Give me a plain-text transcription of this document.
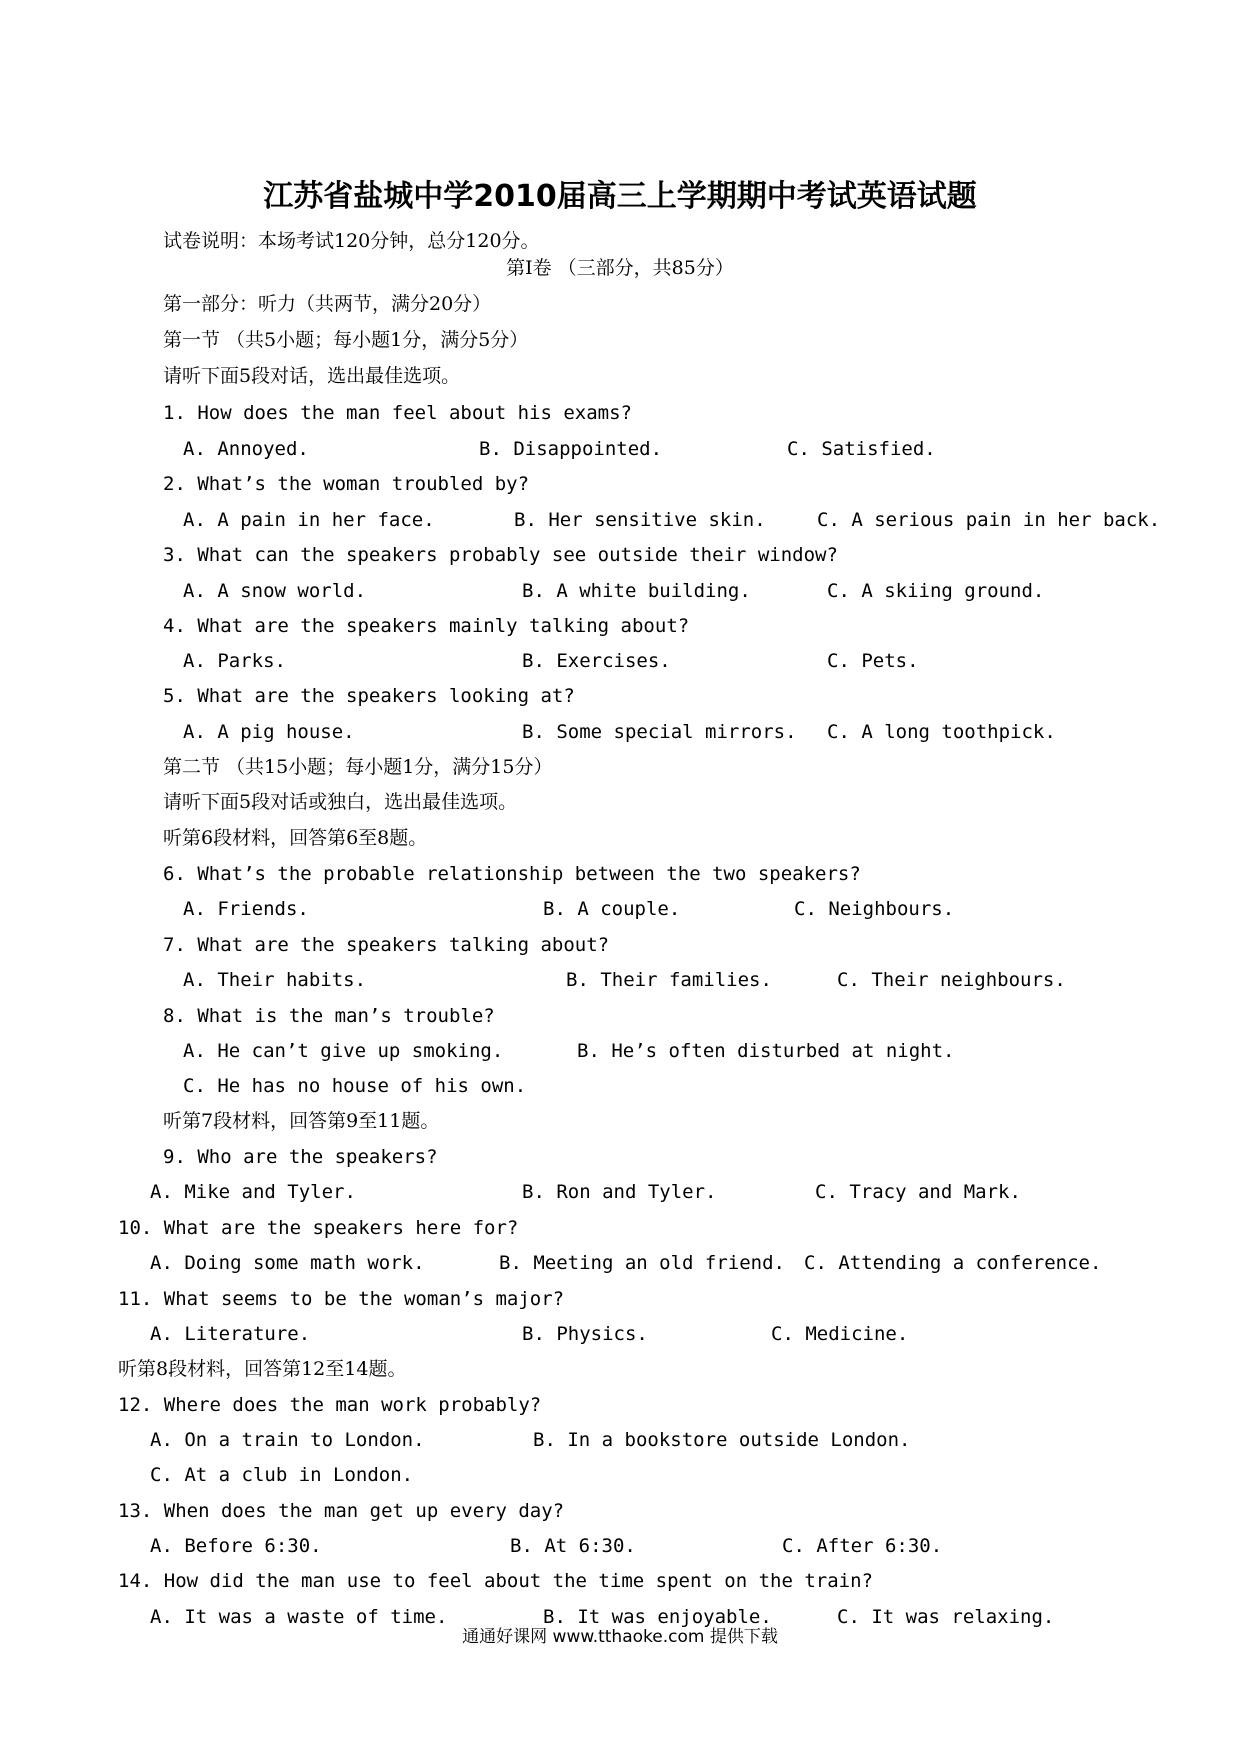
江苏省盐城中学2010届高三上学期期中考试英语试题
试卷说明：本场考试120分钟，总分120分。
第Ⅰ卷 （三部分，共85分）
第一部分：听力（共两节，满分20分）
第一节 （共5小题；每小题1分，满分5分）
请听下面5段对话，选出最佳选项。
1. How does the man feel about his exams?
A. Annoyed.	B. Disappointed.	C. Satisfied.
2. What’s the woman troubled by?
A. A pain in her face.	B. Her sensitive skin.	C. A serious pain in her back.
3. What can the speakers probably see outside their window?
A. A snow world.	B. A white building.	C. A skiing ground.
4. What are the speakers mainly talking about?
A. Parks.	B. Exercises.	C. Pets.
5. What are the speakers looking at?
A. A pig house.	B. Some special mirrors. C. A long toothpick.
第二节 （共15小题；每小题1分，满分15分）
请听下面5段对话或独白，选出最佳选项。
听第6段材料，回答第6至8题。
6. What’s the probable relationship between the two speakers?
A. Friends.	B. A couple.	C. Neighbours.
7. What are the speakers talking about?
A. Their habits.	B. Their families.	C. Their neighbours.
8. What is the man’s trouble?
A. He can’t give up smoking.	B. He’s often disturbed at night.
C. He has no house of his own.
听第7段材料，回答第9至11题。
9. Who are the speakers?
A. Mike and Tyler.	B. Ron and Tyler.	C. Tracy and Mark.
10. What are the speakers here for?
A. Doing some math work.	B. Meeting an old friend. C. Attending a conference.
11. What seems to be the woman’s major?
A. Literature.	B. Physics.	C. Medicine.
听第8段材料，回答第12至14题。
12. Where does the man work probably?
A. On a train to London.	B. In a bookstore outside London.
C. At a club in London.
13. When does the man get up every day?
A. Before 6:30.	B. At 6:30.	C. After 6:30.
14. How did the man use to feel about the time spent on the train?
A. It was a waste of time.	B. It was enjoyable.	C. It was relaxing.
通通好课网 www.tthaoke.com 提供下载
